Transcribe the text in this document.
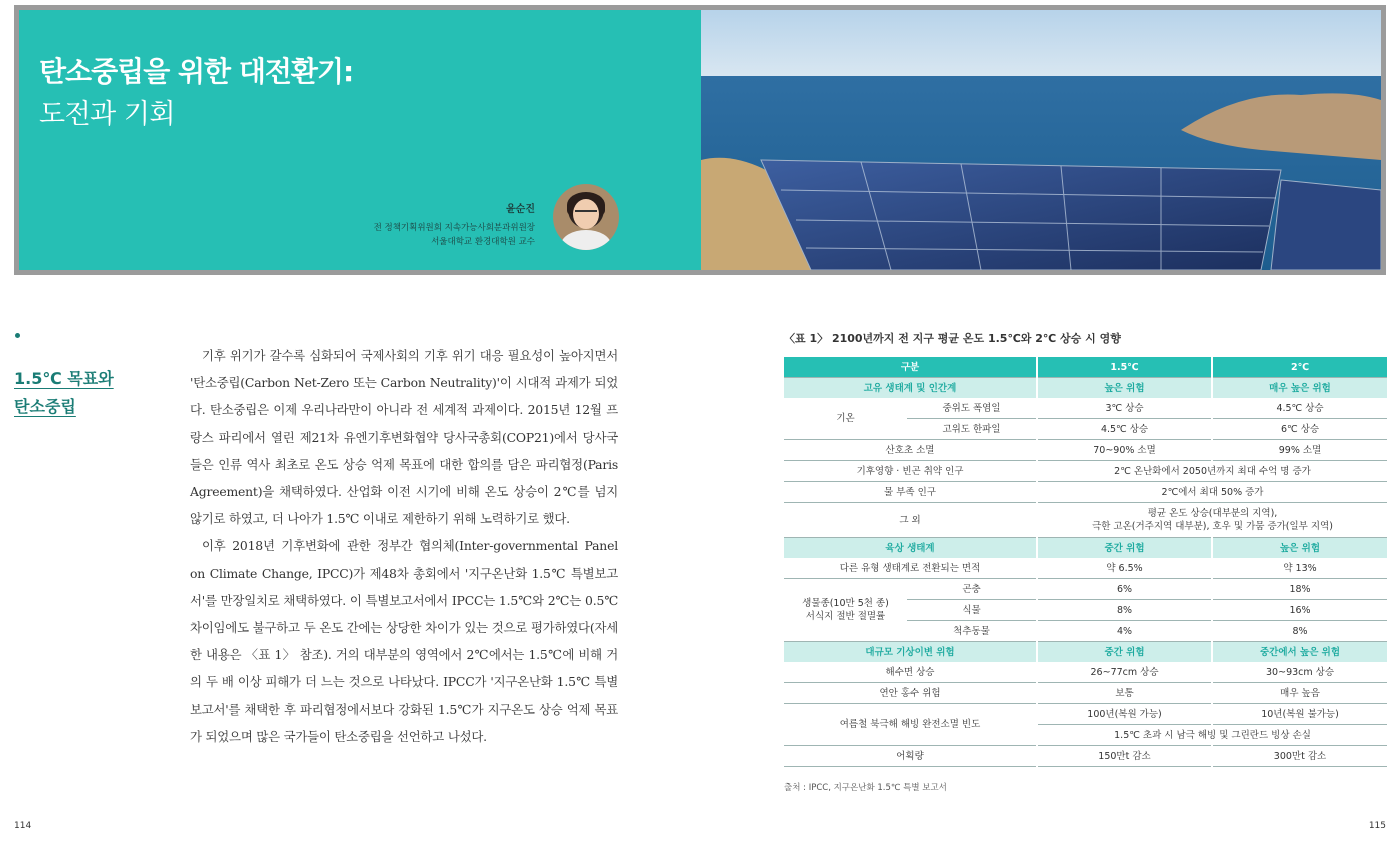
탄소중립을 위한 대전환기:
도전과 기회
윤순진
전 정책기획위원회 지속가능사회분과위원장
서울대학교 환경대학원 교수
1.5℃ 목표와
탄소중립

기후 위기가 갈수록 심화되어 국제사회의 기후 위기 대응 필요성이 높아지면서 '탄소중립(Carbon Net-Zero 또는 Carbon Neutrality)'이 시대적 과제가 되었다. 탄소중립은 이제 우리나라만이 아니라 전 세계적 과제이다. 2015년 12월 프랑스 파리에서 열린 제21차 유엔기후변화협약 당사국총회(COP21)에서 당사국들은 인류 역사 최초로 온도 상승 억제 목표에 대한 합의를 담은 파리협정(Paris Agreement)을 채택하였다. 산업화 이전 시기에 비해 온도 상승이 2℃를 넘지 않기로 하였고, 더 나아가 1.5℃ 이내로 제한하기 위해 노력하기로 했다.

이후 2018년 기후변화에 관한 정부간 협의체(Inter-governmental Panel on Climate Change, IPCC)가 제48차 총회에서 '지구온난화 1.5℃ 특별보고서'를 만장일치로 채택하였다. 이 특별보고서에서 IPCC는 1.5℃와 2℃는 0.5℃ 차이임에도 불구하고 두 온도 간에는 상당한 차이가 있는 것으로 평가하였다(자세한 내용은 〈표 1〉 참조). 거의 대부분의 영역에서 2℃에서는 1.5℃에 비해 거의 두 배 이상 피해가 더 느는 것으로 나타났다. IPCC가 '지구온난화 1.5℃ 특별보고서'를 채택한 후 파리협정에서보다 강화된 1.5℃가 지구온도 상승 억제 목표가 되었으며 많은 국가들이 탄소중립을 선언하고 나섰다.

114
〈표 1〉 2100년까지 전 지구 평균 온도 1.5℃와 2℃ 상승 시 영향
구분		1.5℃	2℃
고유 생태계 및 인간계		높은 위험	매우 높은 위험
기온	중위도 폭염일	3℃ 상승	4.5℃ 상승
	고위도 한파일	4.5℃ 상승	6℃ 상승
산호초 소멸		70~90% 소멸	99% 소멸
기후영향 · 빈곤 취약 인구		2℃ 온난화에서 2050년까지 최대 수억 명 증가	
물 부족 인구		2℃에서 최대 50% 증가	
그 외		평균 온도 상승(대부분의 지역),
극한 고온(거주지역 대부분), 호우 및 가뭄 증가(일부 지역)	

육상 생태계		중간 위험	높은 위험
다른 유형 생태계로 전환되는 면적		약 6.5%	약 13%

생물종(10만 5천 종)
서식지 절반 절멸률	곤충	6%	18%
	식물	8%	16%
	척추동물	4%	8%
대규모 기상이변 위험		중간 위험	중간에서 높은 위험
해수면 상승		26~77cm 상승	30~93cm 상승
연안 홍수 위험		보통	매우 높음
여름철 북극해 해빙 완전소멸 빈도		100년(복원 가능)	10년(복원 불가능)
		1.5℃ 초과 시 남극 해빙 및 그린란드 빙상 손실	
어획량		150만t 감소	300만t 감소
출처 : IPCC, 지구온난화 1.5℃ 특별 보고서
115
